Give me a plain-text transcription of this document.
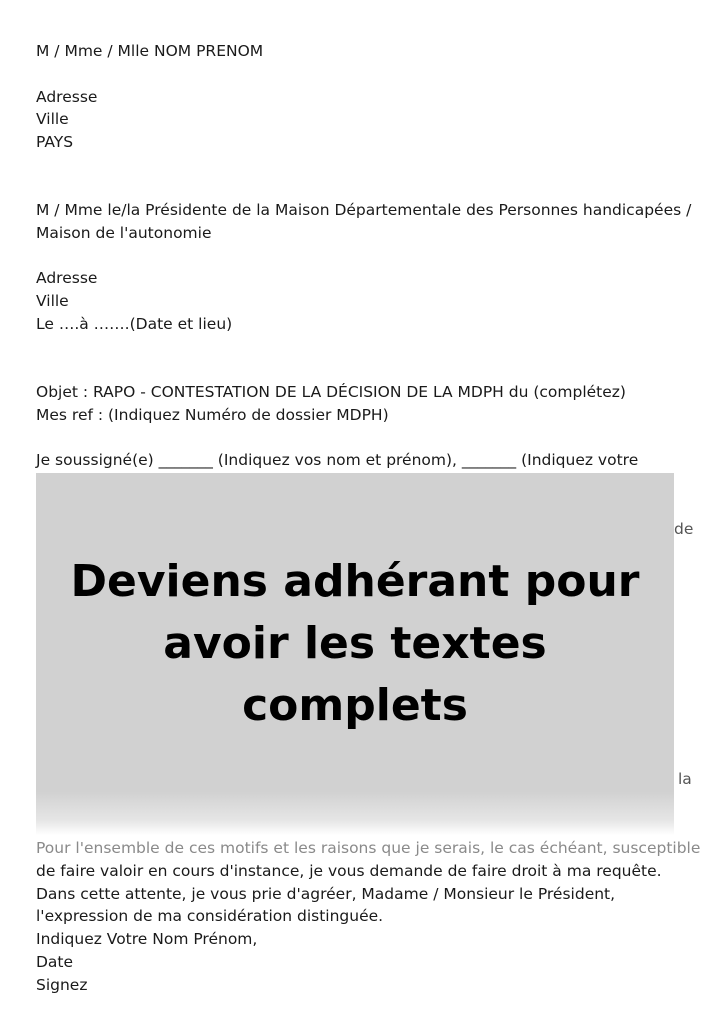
M / Mme / Mlle NOM PRENOM
Adresse
Ville
PAYS
M / Mme le/la Présidente de la Maison Départementale des Personnes handicapées /
Maison de l'autonomie
Adresse
Ville
Le ….à …….(Date et lieu)
Objet : RAPO - CONTESTATION DE LA DÉCISION DE LA MDPH du (complétez)
Mes ref : (Indiquez Numéro de dossier MDPH)
Je soussigné(e) _______ (Indiquez vos nom et prénom), _______ (Indiquez votre
de
la
Deviens adhérant pour avoir les textes complets
Pour l'ensemble de ces motifs et les raisons que je serais, le cas échéant, susceptible
de faire valoir en cours d'instance, je vous demande de faire droit à ma requête.
Dans cette attente, je vous prie d'agréer, Madame / Monsieur le Président,
l'expression de ma considération distinguée.
Indiquez Votre Nom Prénom,
Date
Signez
